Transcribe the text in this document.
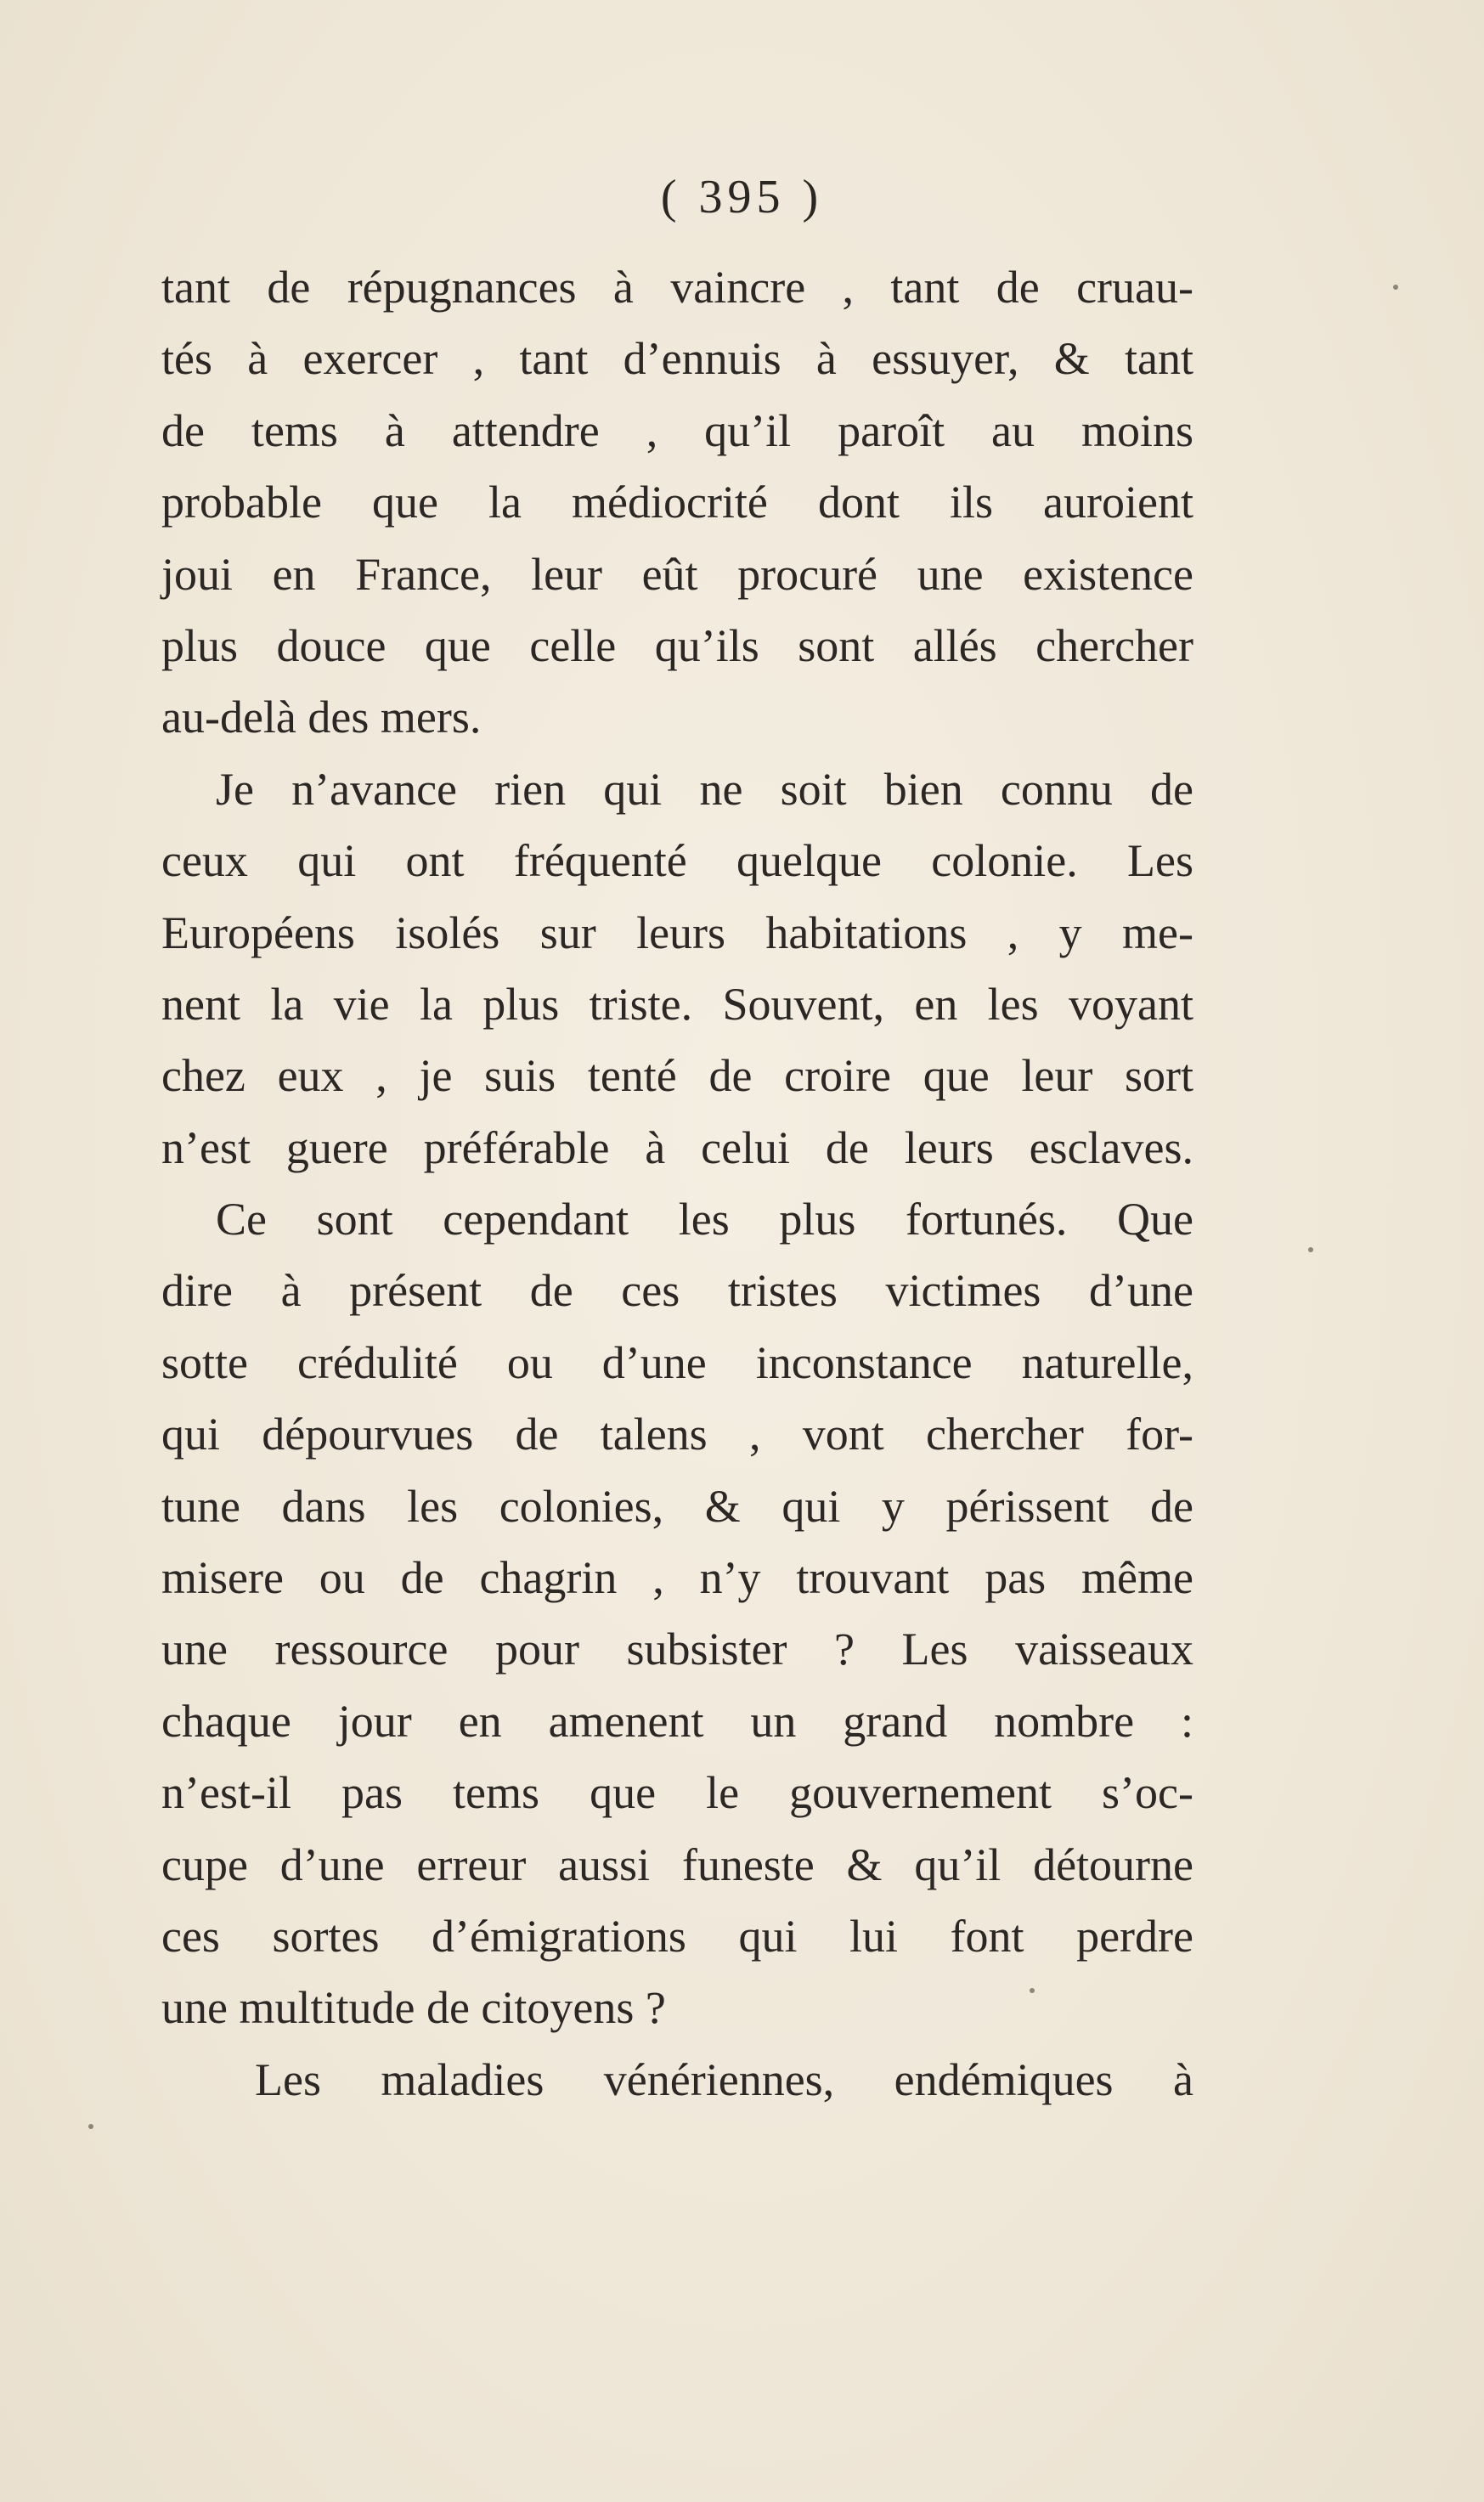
( 395 )
tant de répugnances à vaincre , tant de cruau-
tés à exercer , tant d’ennuis à essuyer, & tant
de tems à attendre , qu’il paroît au moins
probable que la médiocrité dont ils auroient
joui en France, leur eût procuré une existence
plus douce que celle qu’ils sont allés chercher
au-delà des mers.
Je n’avance rien qui ne soit bien connu de
ceux qui ont fréquenté quelque colonie. Les
Européens isolés sur leurs habitations , y me-
nent la vie la plus triste. Souvent, en les voyant
chez eux , je suis tenté de croire que leur sort
n’est guere préférable à celui de leurs esclaves.
Ce sont cependant les plus fortunés. Que
dire à présent de ces tristes victimes d’une
sotte crédulité ou d’une inconstance naturelle,
qui dépourvues de talens , vont chercher for-
tune dans les colonies, & qui y périssent de
misere ou de chagrin , n’y trouvant pas même
une ressource pour subsister ? Les vaisseaux
chaque jour en amenent un grand nombre :
n’est-il pas tems que le gouvernement s’oc-
cupe d’une erreur aussi funeste & qu’il détourne
ces sortes d’émigrations qui lui font perdre
une multitude de citoyens ?
Les maladies vénériennes, endémiques à
